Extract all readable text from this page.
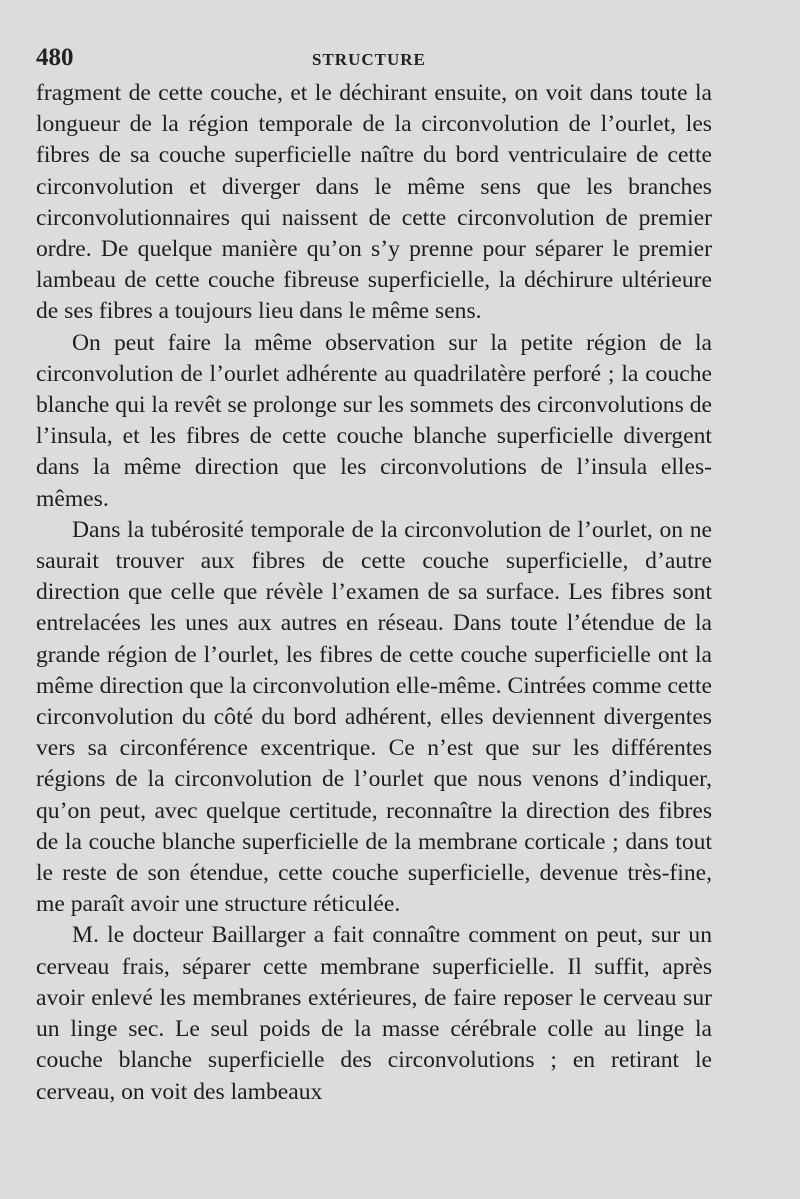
480	STRUCTURE

fragment de cette couche, et le déchirant ensuite, on voit dans toute la longueur de la région temporale de la circonvolution de l’ourlet, les fibres de sa couche superficielle naître du bord ventriculaire de cette circonvolution et diverger dans le même sens que les branches circonvolutionnaires qui naissent de cette circonvolution de premier ordre. De quelque manière qu’on s’y prenne pour séparer le premier lambeau de cette couche fibreuse superficielle, la déchirure ultérieure de ses fibres a toujours lieu dans le même sens.

On peut faire la même observation sur la petite région de la circonvolution de l’ourlet adhérente au quadrilatère perforé ; la couche blanche qui la revêt se prolonge sur les sommets des circonvolutions de l’insula, et les fibres de cette couche blanche superficielle divergent dans la même direction que les circonvolutions de l’insula elles-mêmes.

Dans la tubérosité temporale de la circonvolution de l’ourlet, on ne saurait trouver aux fibres de cette couche superficielle, d’autre direction que celle que révèle l’examen de sa surface. Les fibres sont entrelacées les unes aux autres en réseau. Dans toute l’étendue de la grande région de l’ourlet, les fibres de cette couche superficielle ont la même direction que la circonvolution elle-même. Cintrées comme cette circonvolution du côté du bord adhérent, elles deviennent divergentes vers sa circonférence excentrique. Ce n’est que sur les différentes régions de la circonvolution de l’ourlet que nous venons d’indiquer, qu’on peut, avec quelque certitude, reconnaître la direction des fibres de la couche blanche superficielle de la membrane corticale ; dans tout le reste de son étendue, cette couche superficielle, devenue très-fine, me paraît avoir une structure réticulée.

M. le docteur Baillarger a fait connaître comment on peut, sur un cerveau frais, séparer cette membrane superficielle. Il suffit, après avoir enlevé les membranes extérieures, de faire reposer le cerveau sur un linge sec. Le seul poids de la masse cérébrale colle au linge la couche blanche superficielle des circonvolutions ; en retirant le cerveau, on voit des lambeaux
